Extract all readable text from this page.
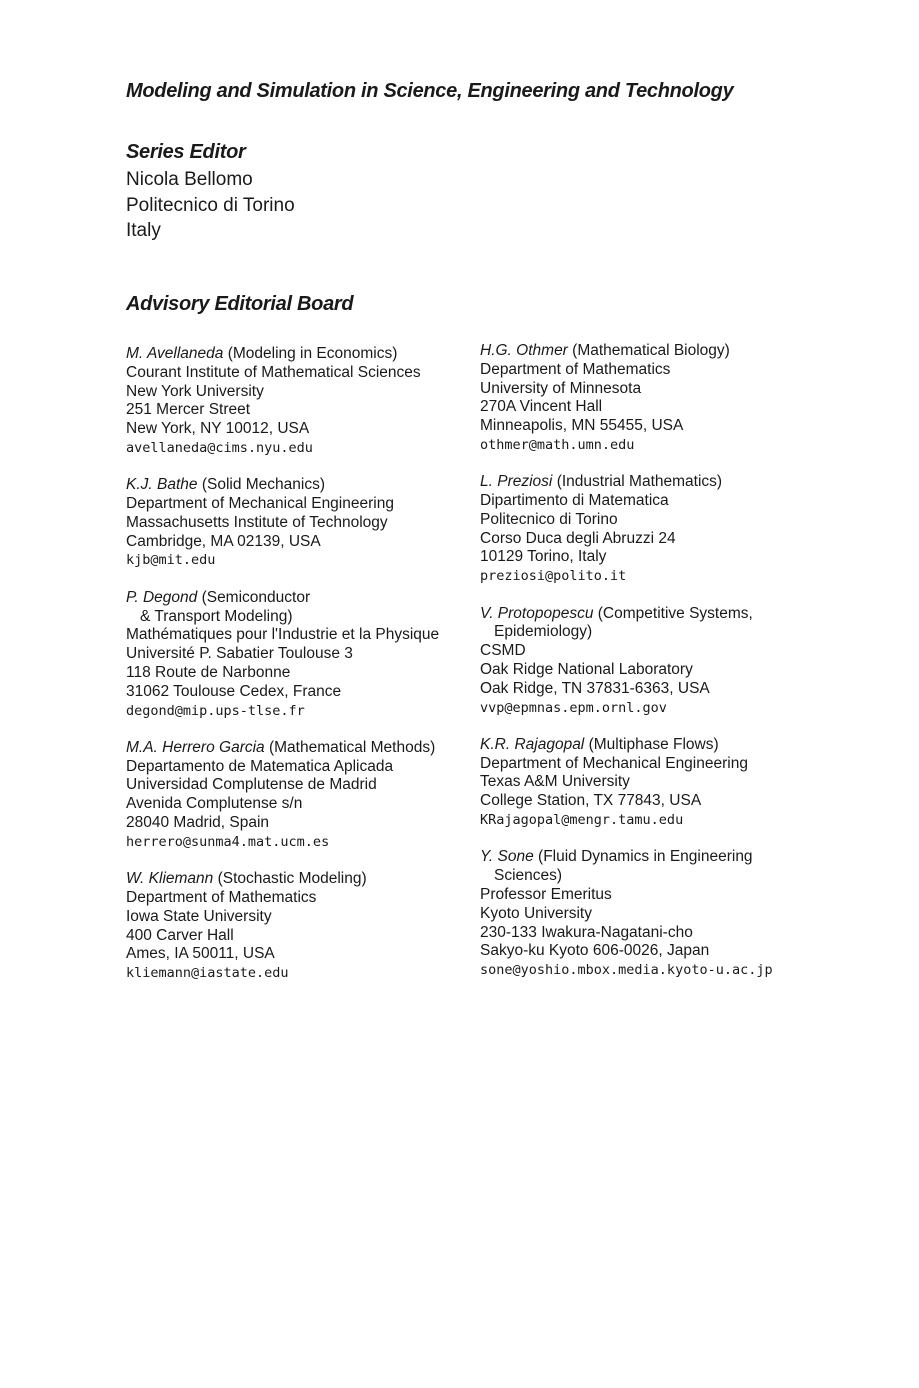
Modeling and Simulation in Science, Engineering and Technology
Series Editor
Nicola Bellomo
Politecnico di Torino
Italy
Advisory Editorial Board
M. Avellaneda (Modeling in Economics)
Courant Institute of Mathematical Sciences
New York University
251 Mercer Street
New York, NY 10012, USA
avellaneda@cims.nyu.edu
K.J. Bathe (Solid Mechanics)
Department of Mechanical Engineering
Massachusetts Institute of Technology
Cambridge, MA 02139, USA
kjb@mit.edu
P. Degond (Semiconductor
& Transport Modeling)
Mathématiques pour l'Industrie et la Physique
Université P. Sabatier Toulouse 3
118 Route de Narbonne
31062 Toulouse Cedex, France
degond@mip.ups-tlse.fr
M.A. Herrero Garcia (Mathematical Methods)
Departamento de Matematica Aplicada
Universidad Complutense de Madrid
Avenida Complutense s/n
28040 Madrid, Spain
herrero@sunma4.mat.ucm.es
W. Kliemann (Stochastic Modeling)
Department of Mathematics
Iowa State University
400 Carver Hall
Ames, IA 50011, USA
kliemann@iastate.edu
H.G. Othmer (Mathematical Biology)
Department of Mathematics
University of Minnesota
270A Vincent Hall
Minneapolis, MN 55455, USA
othmer@math.umn.edu
L. Preziosi (Industrial Mathematics)
Dipartimento di Matematica
Politecnico di Torino
Corso Duca degli Abruzzi 24
10129 Torino, Italy
preziosi@polito.it
V. Protopopescu (Competitive Systems,
Epidemiology)
CSMD
Oak Ridge National Laboratory
Oak Ridge, TN 37831-6363, USA
vvp@epmnas.epm.ornl.gov
K.R. Rajagopal (Multiphase Flows)
Department of Mechanical Engineering
Texas A&M University
College Station, TX 77843, USA
KRajagopal@mengr.tamu.edu
Y. Sone (Fluid Dynamics in Engineering
Sciences)
Professor Emeritus
Kyoto University
230-133 Iwakura-Nagatani-cho
Sakyo-ku Kyoto 606-0026, Japan
sone@yoshio.mbox.media.kyoto-u.ac.jp
